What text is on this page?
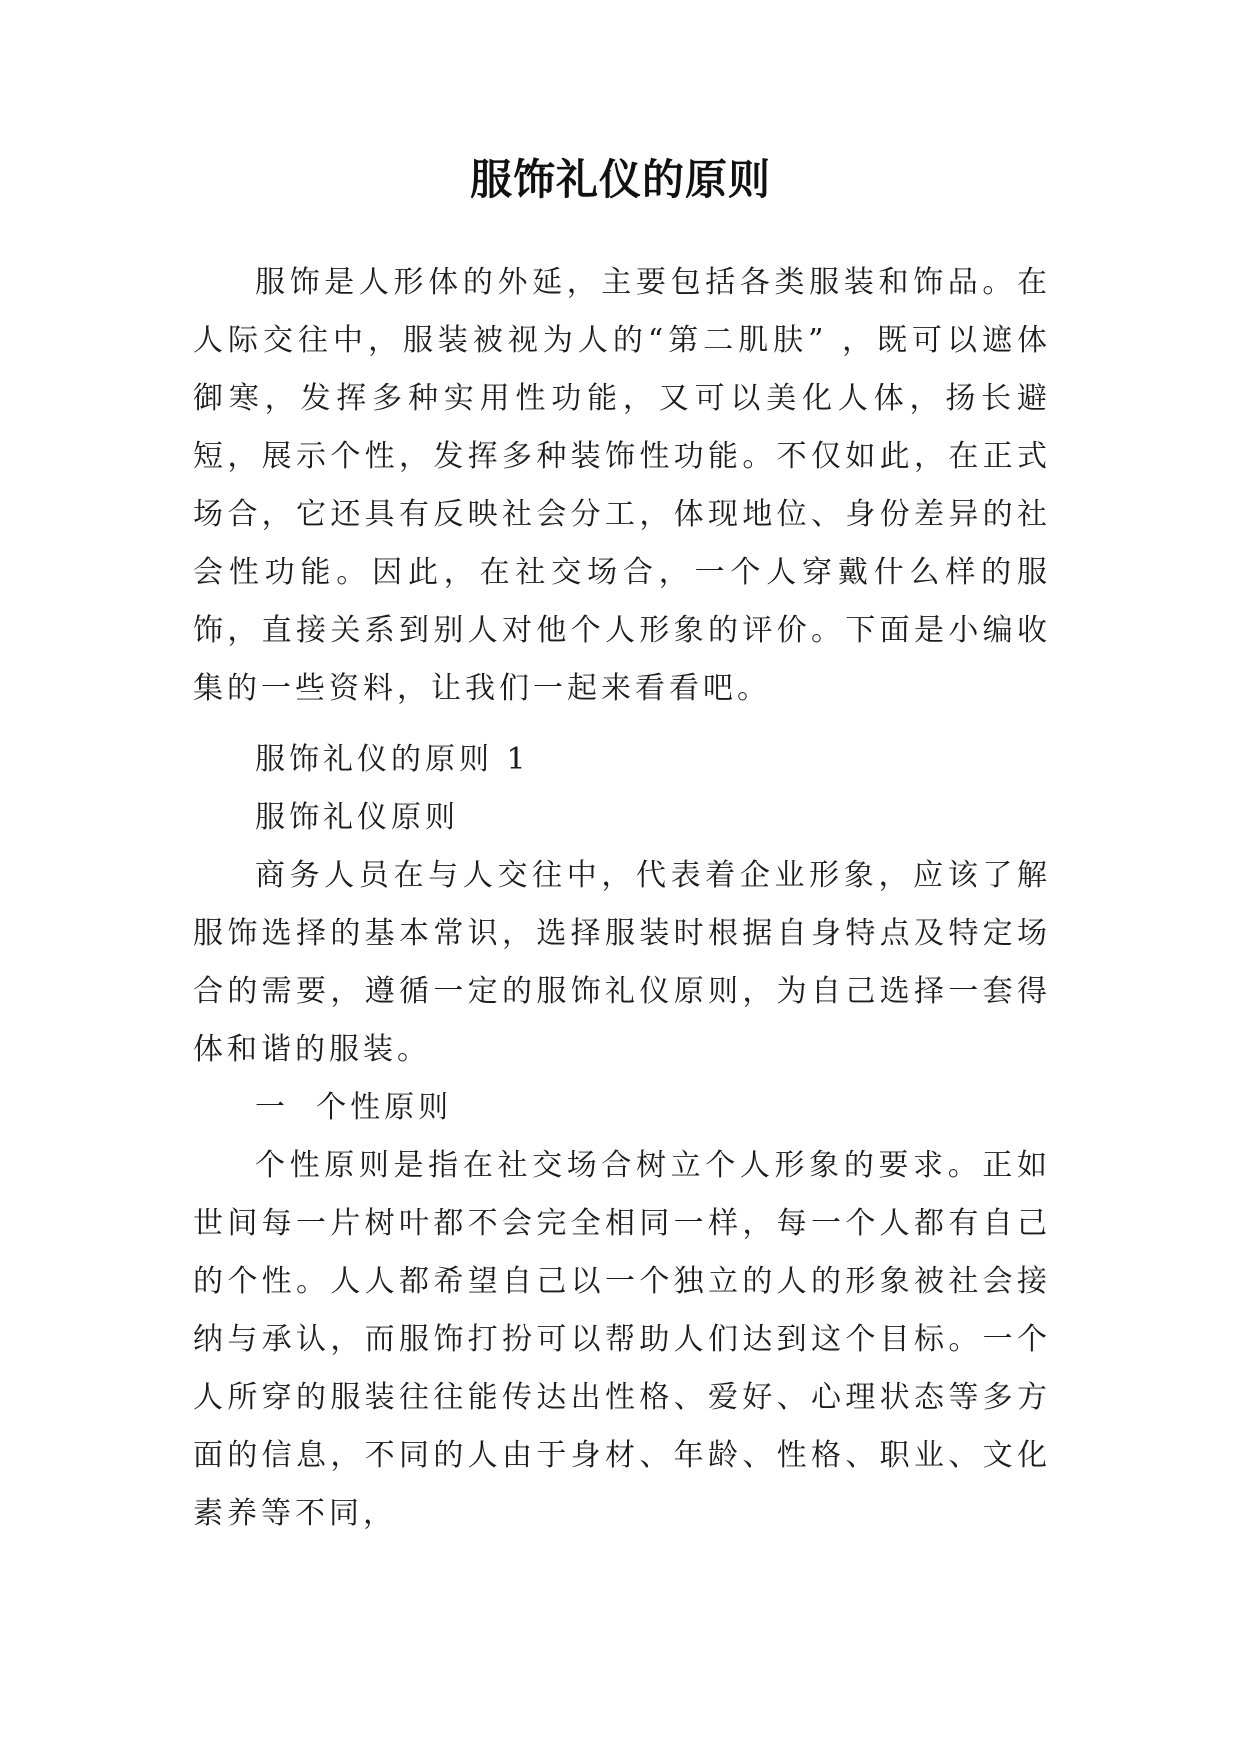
服饰礼仪的原则

服饰是人形体的外延，主要包括各类服装和饰品。在人际交往中，服装被视为人的“第二肌肤” ，既可以遮体御寒，发挥多种实用性功能，又可以美化人体，扬长避短，展示个性，发挥多种装饰性功能。不仅如此，在正式场合，它还具有反映社会分工，体现地位、身份差异的社会性功能。因此，在社交场合，一个人穿戴什么样的服饰，直接关系到别人对他个人形象的评价。下面是小编收集的一些资料，让我们一起来看看吧。

服饰礼仪的原则 1

服饰礼仪原则

商务人员在与人交往中，代表着企业形象，应该了解服饰选择的基本常识，选择服装时根据自身特点及特定场合的需要，遵循一定的服饰礼仪原则，为自己选择一套得体和谐的服装。

一  个性原则

个性原则是指在社交场合树立个人形象的要求。正如世间每一片树叶都不会完全相同一样，每一个人都有自己的个性。人人都希望自己以一个独立的人的形象被社会接纳与承认，而服饰打扮可以帮助人们达到这个目标。一个人所穿的服装往往能传达出性格、爱好、心理状态等多方面的信息，不同的人由于身材、年龄、性格、职业、文化素养等不同，
